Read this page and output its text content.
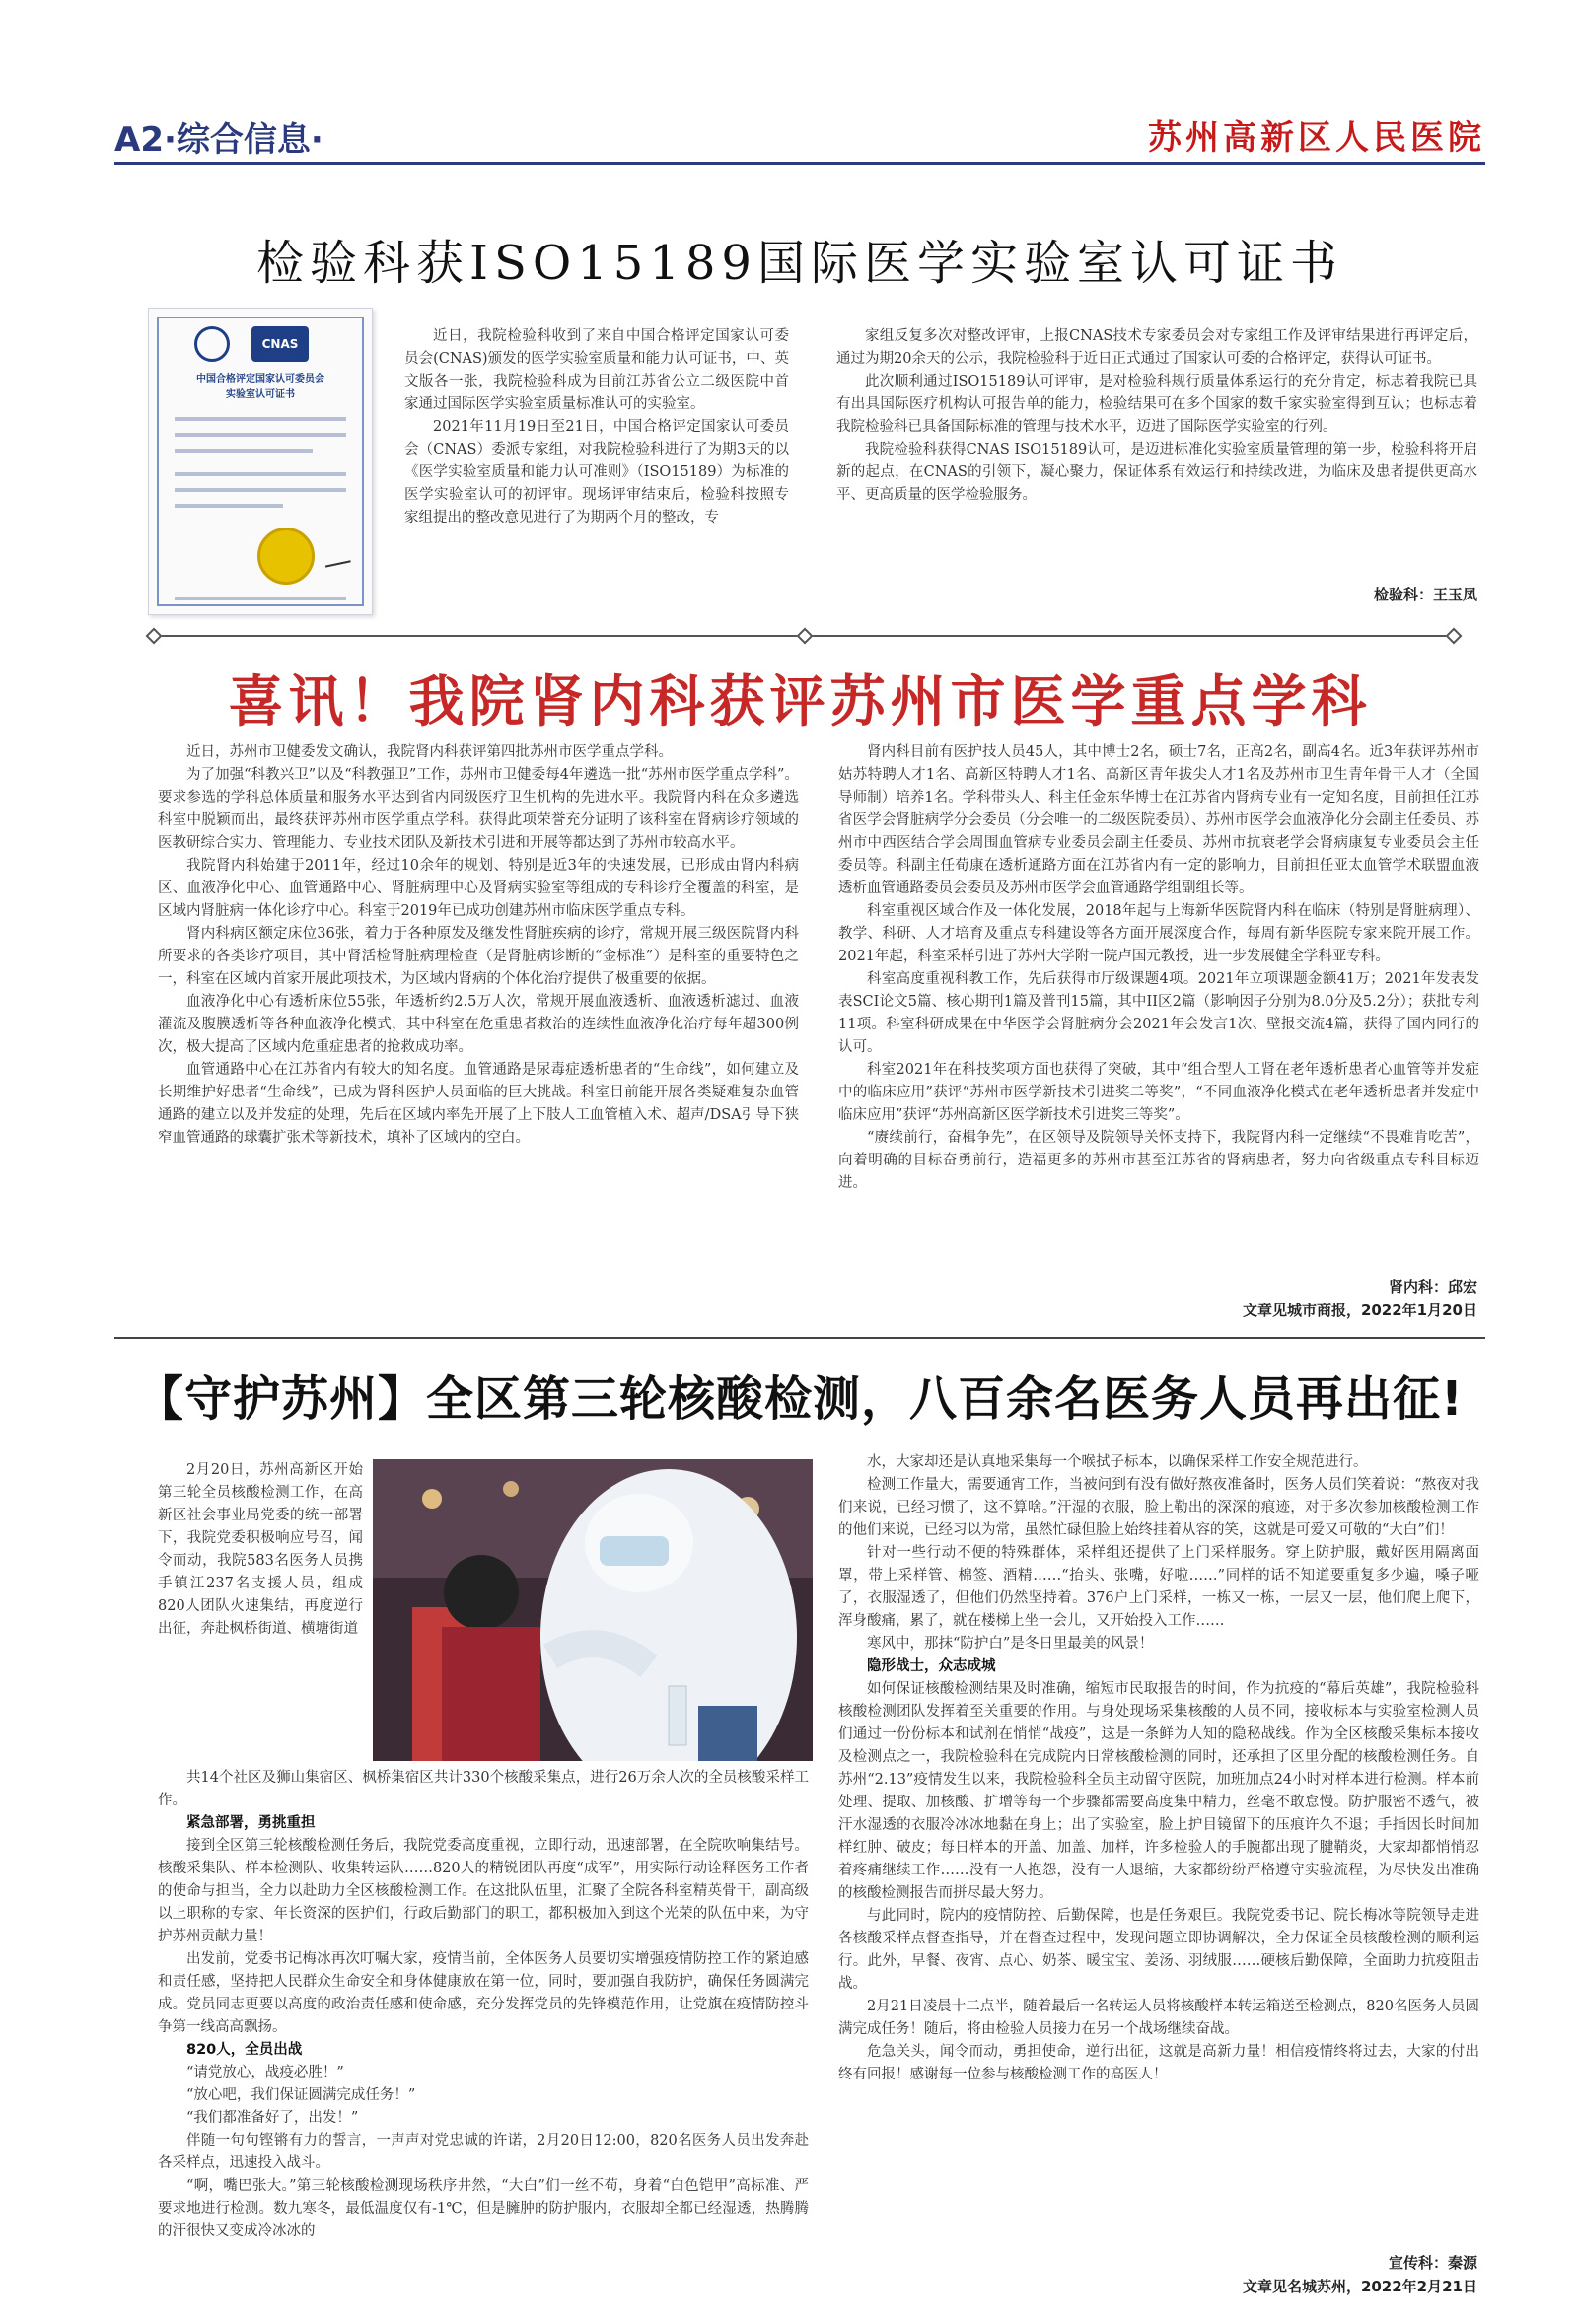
A2·综合信息·	苏州高新区人民医院
检验科获ISO15189国际医学实验室认可证书
CNAS
中国合格评定国家认可委员会
实验室认可证书

近日，我院检验科收到了来自中国合格评定国家认可委员会(CNAS)颁发的医学实验室质量和能力认可证书，中、英文版各一张，我院检验科成为目前江苏省公立二级医院中首家通过国际医学实验室质量标准认可的实验室。

2021年11月19日至21日，中国合格评定国家认可委员会（CNAS）委派专家组，对我院检验科进行了为期3天的以《医学实验室质量和能力认可准则》（ISO15189）为标准的医学实验室认可的初评审。现场评审结束后，检验科按照专家组提出的整改意见进行了为期两个月的整改，专

家组反复多次对整改评审，上报CNAS技术专家委员会对专家组工作及评审结果进行再评定后，通过为期20余天的公示，我院检验科于近日正式通过了国家认可委的合格评定，获得认可证书。

此次顺利通过ISO15189认可评审，是对检验科规行质量体系运行的充分肯定，标志着我院已具有出具国际医疗机构认可报告单的能力，检验结果可在多个国家的数千家实验室得到互认；也标志着我院检验科已具备国际标准的管理与技术水平，迈进了国际医学实验室的行列。

我院检验科获得CNAS ISO15189认可，是迈进标准化实验室质量管理的第一步，检验科将开启新的起点，在CNAS的引领下，凝心聚力，保证体系有效运行和持续改进，为临床及患者提供更高水平、更高质量的医学检验服务。

检验科：王玉凤
喜讯！我院肾内科获评苏州市医学重点学科

近日，苏州市卫健委发文确认，我院肾内科获评第四批苏州市医学重点学科。

为了加强“科教兴卫”以及“科教强卫”工作，苏州市卫健委每4年遴选一批“苏州市医学重点学科”。要求参选的学科总体质量和服务水平达到省内同级医疗卫生机构的先进水平。我院肾内科在众多遴选科室中脱颖而出，最终获评苏州市医学重点学科。获得此项荣誉充分证明了该科室在肾病诊疗领域的医教研综合实力、管理能力、专业技术团队及新技术引进和开展等都达到了苏州市较高水平。

我院肾内科始建于2011年，经过10余年的规划、特别是近3年的快速发展，已形成由肾内科病区、血液净化中心、血管通路中心、肾脏病理中心及肾病实验室等组成的专科诊疗全覆盖的科室，是区域内肾脏病一体化诊疗中心。科室于2019年已成功创建苏州市临床医学重点专科。

肾内科病区额定床位36张，着力于各种原发及继发性肾脏疾病的诊疗，常规开展三级医院肾内科所要求的各类诊疗项目，其中肾活检肾脏病理检查（是肾脏病诊断的“金标准”）是科室的重要特色之一，科室在区域内首家开展此项技术，为区域内肾病的个体化治疗提供了极重要的依据。

血液净化中心有透析床位55张，年透析约2.5万人次，常规开展血液透析、血液透析滤过、血液灌流及腹膜透析等各种血液净化模式，其中科室在危重患者救治的连续性血液净化治疗每年超300例次，极大提高了区域内危重症患者的抢救成功率。

血管通路中心在江苏省内有较大的知名度。血管通路是尿毒症透析患者的“生命线”，如何建立及长期维护好患者“生命线”，已成为肾科医护人员面临的巨大挑战。科室目前能开展各类疑难复杂血管通路的建立以及并发症的处理，先后在区域内率先开展了上下肢人工血管植入术、超声/DSA引导下狭窄血管通路的球囊扩张术等新技术，填补了区域内的空白。

肾内科目前有医护技人员45人，其中博士2名，硕士7名，正高2名，副高4名。近3年获评苏州市姑苏特聘人才1名、高新区特聘人才1名、高新区青年拔尖人才1名及苏州市卫生青年骨干人才（全国导师制）培养1名。学科带头人、科主任金东华博士在江苏省内肾病专业有一定知名度，目前担任江苏省医学会肾脏病学分会委员（分会唯一的二级医院委员）、苏州市医学会血液净化分会副主任委员、苏州市中西医结合学会周围血管病专业委员会副主任委员、苏州市抗衰老学会肾病康复专业委员会主任委员等。科副主任荀康在透析通路方面在江苏省内有一定的影响力，目前担任亚太血管学术联盟血液透析血管通路委员会委员及苏州市医学会血管通路学组副组长等。

科室重视区域合作及一体化发展，2018年起与上海新华医院肾内科在临床（特别是肾脏病理）、教学、科研、人才培育及重点专科建设等各方面开展深度合作，每周有新华医院专家来院开展工作。2021年起，科室采样引进了苏州大学附一院卢国元教授，进一步发展健全学科亚专科。

科室高度重视科教工作，先后获得市厅级课题4项。2021年立项课题金额41万；2021年发表发表SCI论文5篇、核心期刊1篇及普刊15篇，其中II区2篇（影响因子分别为8.0分及5.2分）；获批专利11项。科室科研成果在中华医学会肾脏病分会2021年会发言1次、壁报交流4篇，获得了国内同行的认可。

科室2021年在科技奖项方面也获得了突破，其中“组合型人工肾在老年透析患者心血管等并发症中的临床应用”获评“苏州市医学新技术引进奖二等奖”，“不同血液净化模式在老年透析患者并发症中临床应用”获评“苏州高新区医学新技术引进奖三等奖”。

“赓续前行，奋楫争先”，在区领导及院领导关怀支持下，我院肾内科一定继续“不畏难肯吃苦”，向着明确的目标奋勇前行，造福更多的苏州市甚至江苏省的肾病患者，努力向省级重点专科目标迈进。

肾内科：邱宏
文章见城市商报，2022年1月20日
【守护苏州】全区第三轮核酸检测，八百余名医务人员再出征!

2月20日，苏州高新区开始第三轮全员核酸检测工作，在高新区社会事业局党委的统一部署下，我院党委积极响应号召，闻令而动，我院583名医务人员携手镇江237名支援人员，组成820人团队火速集结，再度逆行出征，奔赴枫桥街道、横塘街道

共14个社区及狮山集宿区、枫桥集宿区共计330个核酸采集点，进行26万余人次的全员核酸采样工作。

紧急部署，勇挑重担

接到全区第三轮核酸检测任务后，我院党委高度重视，立即行动，迅速部署，在全院吹响集结号。核酸采集队、样本检测队、收集转运队……820人的精锐团队再度“成军”，用实际行动诠释医务工作者的使命与担当，全力以赴助力全区核酸检测工作。在这批队伍里，汇聚了全院各科室精英骨干，副高级以上职称的专家、年长资深的医护们，行政后勤部门的职工，都积极加入到这个光荣的队伍中来，为守护苏州贡献力量！

出发前，党委书记梅冰再次叮嘱大家，疫情当前，全体医务人员要切实增强疫情防控工作的紧迫感和责任感，坚持把人民群众生命安全和身体健康放在第一位，同时，要加强自我防护，确保任务圆满完成。党员同志更要以高度的政治责任感和使命感，充分发挥党员的先锋模范作用，让党旗在疫情防控斗争第一线高高飘扬。

820人，全员出战

“请党放心，战疫必胜！”

“放心吧，我们保证圆满完成任务！”

“我们都准备好了，出发！”

伴随一句句铿锵有力的誓言，一声声对党忠诚的许诺，2月20日12:00，820名医务人员出发奔赴各采样点，迅速投入战斗。

“啊，嘴巴张大。”第三轮核酸检测现场秩序井然，“大白”们一丝不苟，身着“白色铠甲”高标准、严要求地进行检测。数九寒冬，最低温度仅有-1℃，但是臃肿的防护服内，衣服却全都已经湿透，热腾腾的汗很快又变成冷冰冰的

水，大家却还是认真地采集每一个喉拭子标本，以确保采样工作安全规范进行。

检测工作量大，需要通宵工作，当被问到有没有做好熬夜准备时，医务人员们笑着说：“熬夜对我们来说，已经习惯了，这不算啥。”汗湿的衣服，脸上勒出的深深的痕迹，对于多次参加核酸检测工作的他们来说，已经习以为常，虽然忙碌但脸上始终挂着从容的笑，这就是可爱又可敬的“大白”们！

针对一些行动不便的特殊群体，采样组还提供了上门采样服务。穿上防护服，戴好医用隔离面罩，带上采样管、棉签、酒精……“抬头、张嘴，好啦……”同样的话不知道要重复多少遍，嗓子哑了，衣服湿透了，但他们仍然坚持着。376户上门采样，一栋又一栋，一层又一层，他们爬上爬下，浑身酸痛，累了，就在楼梯上坐一会儿，又开始投入工作……

寒风中，那抹“防护白”是冬日里最美的风景！

隐形战士，众志成城

如何保证核酸检测结果及时准确，缩短市民取报告的时间，作为抗疫的“幕后英雄”，我院检验科核酸检测团队发挥着至关重要的作用。与身处现场采集核酸的人员不同，接收标本与实验室检测人员们通过一份份标本和试剂在悄悄“战疫”，这是一条鲜为人知的隐秘战线。作为全区核酸采集标本接收及检测点之一，我院检验科在完成院内日常核酸检测的同时，还承担了区里分配的核酸检测任务。自苏州“2.13”疫情发生以来，我院检验科全员主动留守医院，加班加点24小时对样本进行检测。样本前处理、提取、加核酸、扩增等每一个步骤都需要高度集中精力，丝毫不敢怠慢。防护服密不透气，被汗水湿透的衣服冷冰冰地黏在身上；出了实验室，脸上护目镜留下的压痕许久不退；手指因长时间加样红肿、破皮；每日样本的开盖、加盖、加样，许多检验人的手腕都出现了腱鞘炎，大家却都悄悄忍着疼痛继续工作……没有一人抱怨，没有一人退缩，大家都纷纷严格遵守实验流程，为尽快发出准确的核酸检测报告而拼尽最大努力。

与此同时，院内的疫情防控、后勤保障，也是任务艰巨。我院党委书记、院长梅冰等院领导走进各核酸采样点督查指导，并在督查过程中，发现问题立即协调解决，全力保证全员核酸检测的顺利运行。此外，早餐、夜宵、点心、奶茶、暖宝宝、姜汤、羽绒服……硬核后勤保障，全面助力抗疫阻击战。

2月21日凌晨十二点半，随着最后一名转运人员将核酸样本转运箱送至检测点，820名医务人员圆满完成任务！随后，将由检验人员接力在另一个战场继续奋战。

危急关头，闻令而动，勇担使命，逆行出征，这就是高新力量！相信疫情终将过去，大家的付出终有回报！感谢每一位参与核酸检测工作的高医人！

宣传科：秦源
文章见名城苏州，2022年2月21日
